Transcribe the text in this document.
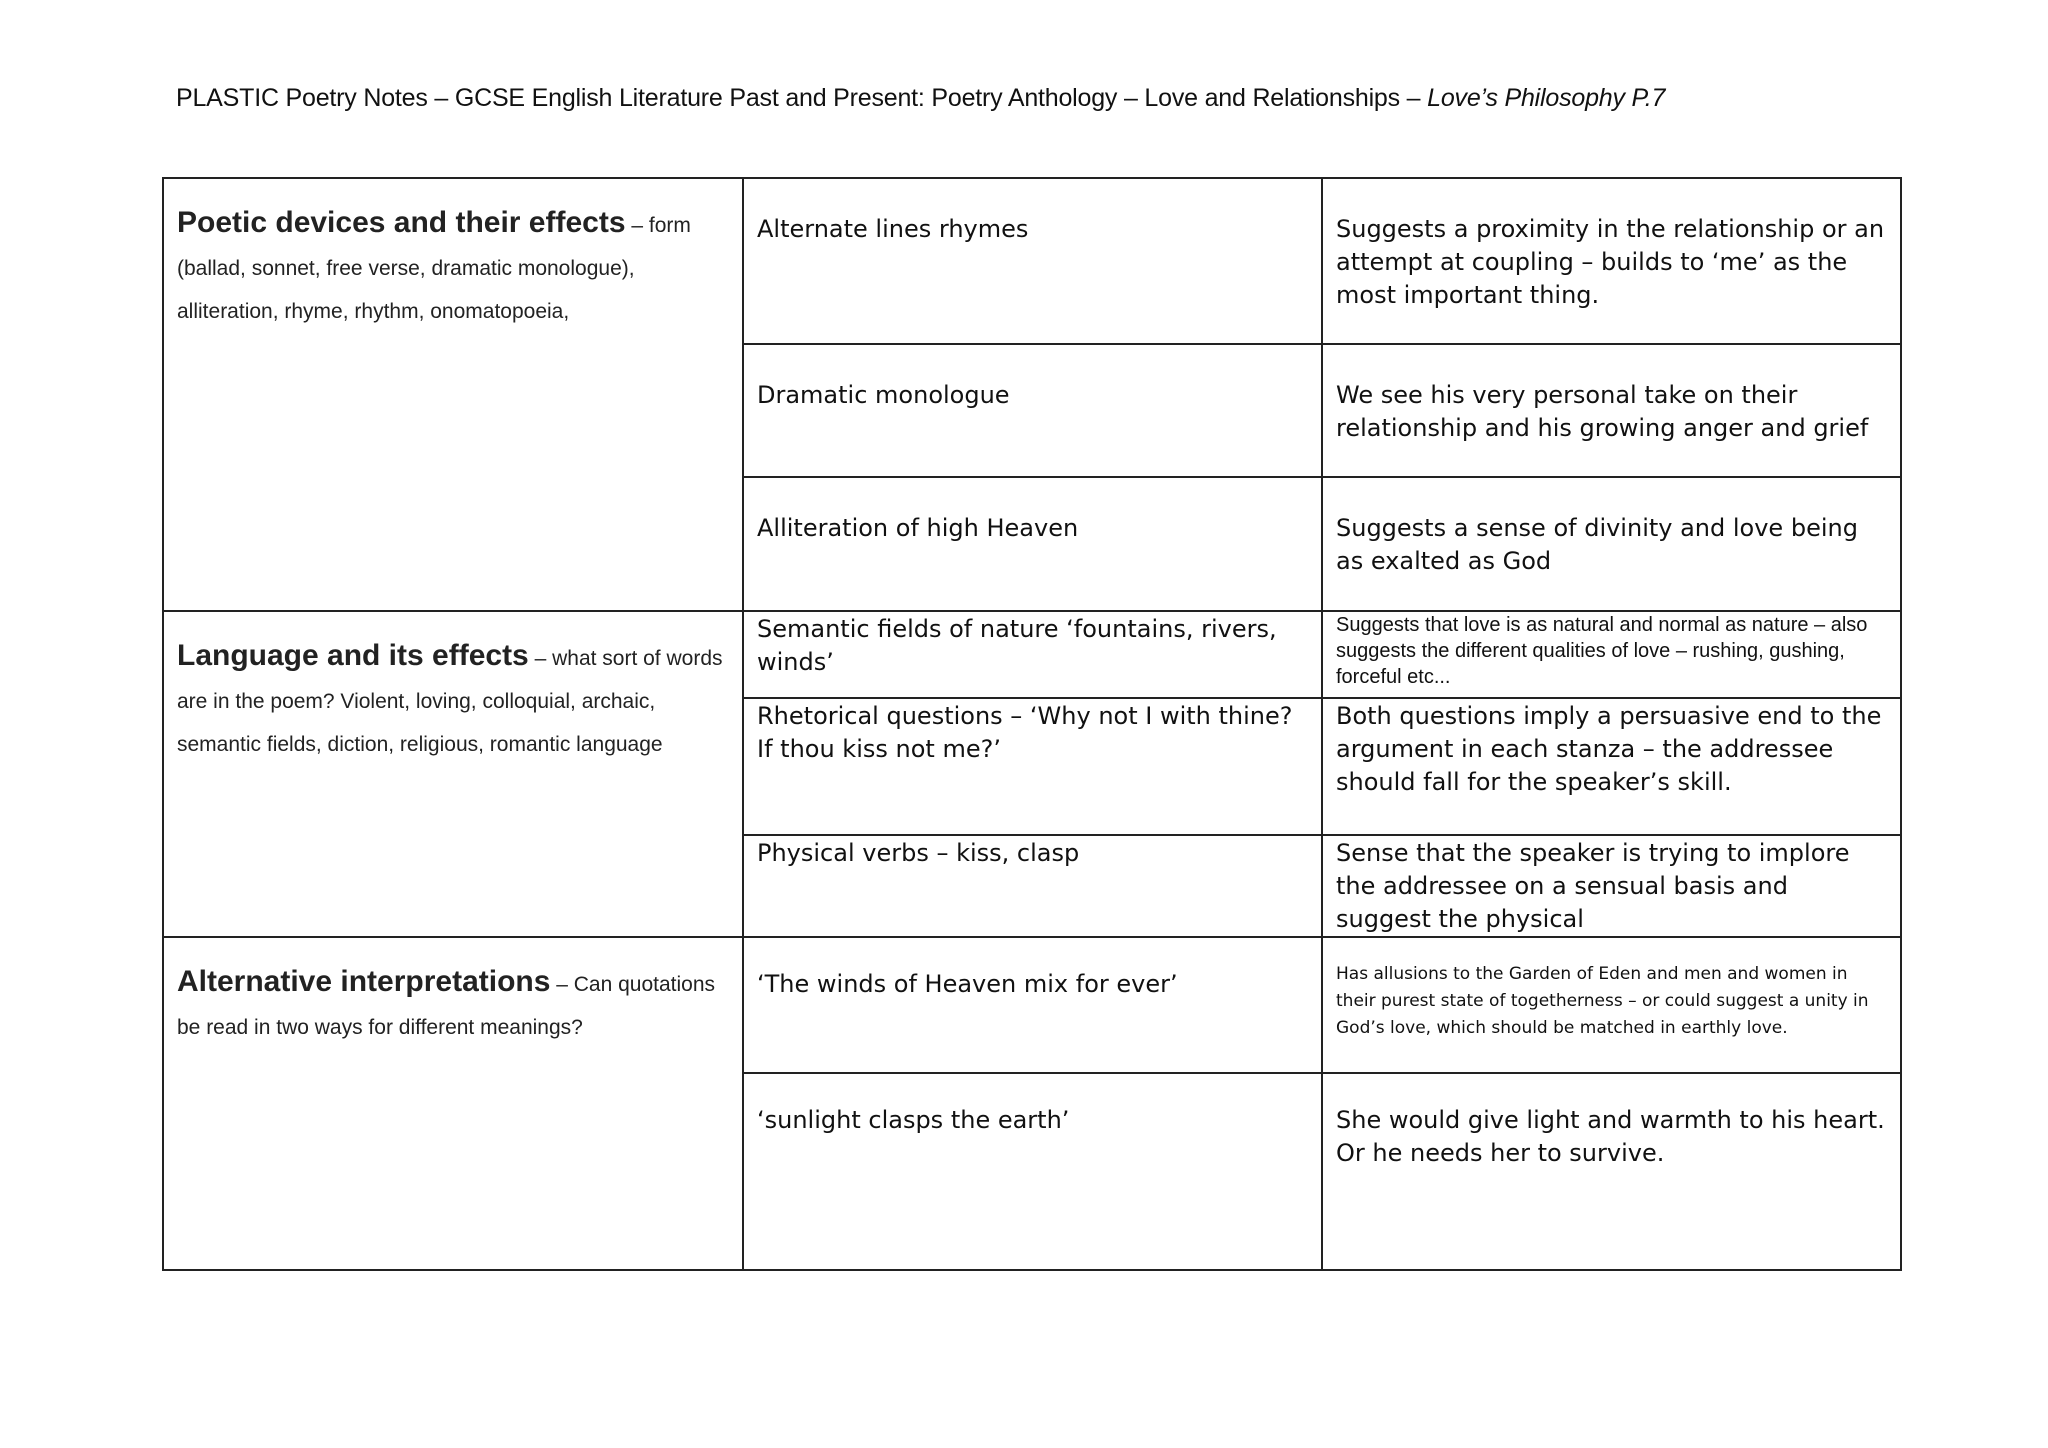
PLASTIC Poetry Notes – GCSE English Literature Past and Present: Poetry Anthology – Love and Relationships – Love’s Philosophy P.7
Poetic devices and their effects – form (ballad, sonnet, free verse, dramatic monologue), alliteration, rhyme, rhythm, onomatopoeia,	Alternate lines rhymes	Suggests a proximity in the relationship or an attempt at coupling – builds to ‘me’ as the most important thing.

	Dramatic monologue	We see his very personal take on their relationship and his growing anger and grief

	Alliteration of high Heaven	Suggests a sense of divinity and love being as exalted as God

Language and its effects – what sort of words are in the poem? Violent, loving, colloquial, archaic, semantic fields, diction, religious, romantic language	Semantic fields of nature ‘fountains, rivers, winds’	Suggests that love is as natural and normal as nature – also suggests the different qualities of love – rushing, gushing, forceful etc...

	Rhetorical questions – ‘Why not I with thine? If thou kiss not me?’	Both questions imply a persuasive end to the argument in each stanza – the addressee should fall for the speaker’s skill.

	Physical verbs – kiss, clasp	Sense that the speaker is trying to implore the addressee on a sensual basis and suggest the physical

Alternative interpretations – Can quotations be read in two ways for different meanings?	‘The winds of Heaven mix for ever’	Has allusions to the Garden of Eden and men and women in their purest state of togetherness – or could suggest a unity in God’s love, which should be matched in earthly love.

	‘sunlight clasps the earth’	She would give light and warmth to his heart. Or he needs her to survive.
